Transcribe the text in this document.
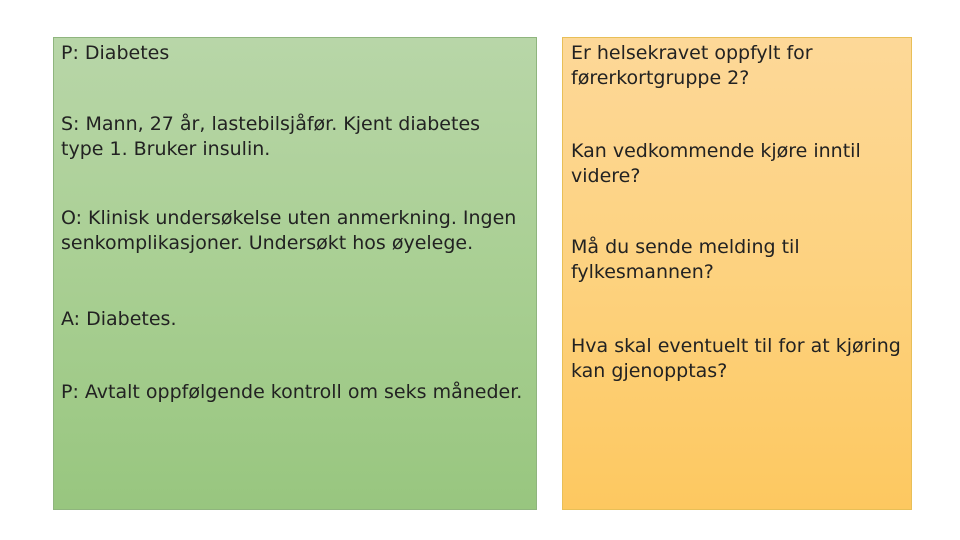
P: Diabetes

S: Mann, 27 år, lastebilsjåfør. Kjent diabetes
type 1. Bruker insulin.

O: Klinisk undersøkelse uten anmerkning. Ingen
senkomplikasjoner. Undersøkt hos øyelege.

A: Diabetes.

P: Avtalt oppfølgende kontroll om seks måneder.

Er helsekravet oppfylt for
førerkortgruppe 2?

Kan vedkommende kjøre inntil
videre?

Må du sende melding til
fylkesmannen?

Hva skal eventuelt til for at kjøring
kan gjenopptas?
